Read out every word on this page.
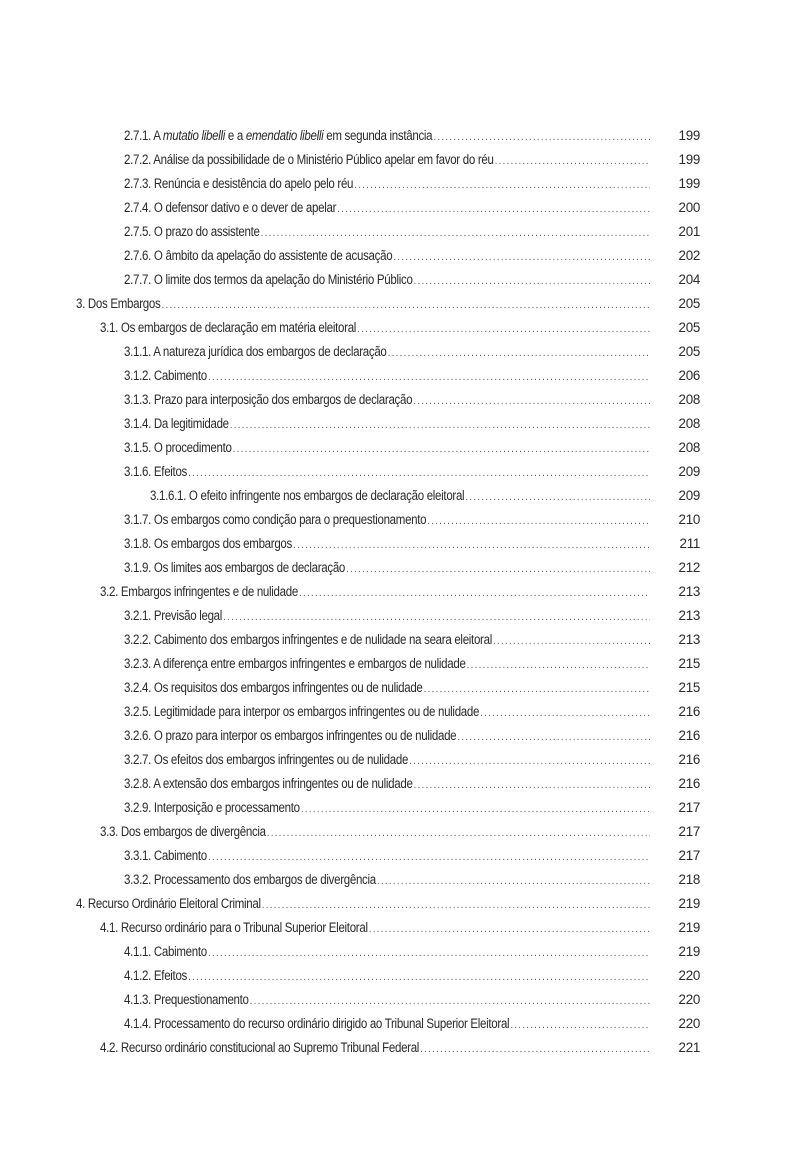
2.7.1. A mutatio libelli e a emendatio libelli em segunda instância .....	199
2.7.2. Análise da possibilidade de o Ministério Público apelar em favor do réu .....	199
2.7.3. Renúncia e desistência do apelo pelo réu .....	199
2.7.4. O defensor dativo e o dever de apelar .....	200
2.7.5. O prazo do assistente .....	201
2.7.6. O âmbito da apelação do assistente de acusação .....	202
2.7.7. O limite dos termos da apelação do Ministério Público .....	204
3. Dos Embargos .....	205
3.1. Os embargos de declaração em matéria eleitoral .....	205
3.1.1. A natureza jurídica dos embargos de declaração .....	205
3.1.2. Cabimento .....	206
3.1.3. Prazo para interposição dos embargos de declaração .....	208
3.1.4. Da legitimidade .....	208
3.1.5. O procedimento .....	208
3.1.6. Efeitos .....	209
3.1.6.1. O efeito infringente nos embargos de declaração eleitoral .....	209
3.1.7. Os embargos como condição para o prequestionamento .....	210
3.1.8. Os embargos dos embargos .....	211
3.1.9. Os limites aos embargos de declaração .....	212
3.2. Embargos infringentes e de nulidade .....	213
3.2.1. Previsão legal .....	213
3.2.2. Cabimento dos embargos infringentes e de nulidade na seara eleitoral .....	213
3.2.3. A diferença entre embargos infringentes e embargos de nulidade .....	215
3.2.4. Os requisitos dos embargos infringentes ou de nulidade .....	215
3.2.5. Legitimidade para interpor os embargos infringentes ou de nulidade .....	216
3.2.6. O prazo para interpor os embargos infringentes ou de nulidade .....	216
3.2.7. Os efeitos dos embargos infringentes ou de nulidade .....	216
3.2.8. A extensão dos embargos infringentes ou de nulidade .....	216
3.2.9. Interposição e processamento .....	217
3.3. Dos embargos de divergência .....	217
3.3.1. Cabimento .....	217
3.3.2. Processamento dos embargos de divergência .....	218
4. Recurso Ordinário Eleitoral Criminal .....	219
4.1. Recurso ordinário para o Tribunal Superior Eleitoral .....	219
4.1.1. Cabimento .....	219
4.1.2. Efeitos .....	220
4.1.3. Prequestionamento .....	220
4.1.4. Processamento do recurso ordinário dirigido ao Tribunal Superior Eleitoral .....	220
4.2. Recurso ordinário constitucional ao Supremo Tribunal Federal .....	221
